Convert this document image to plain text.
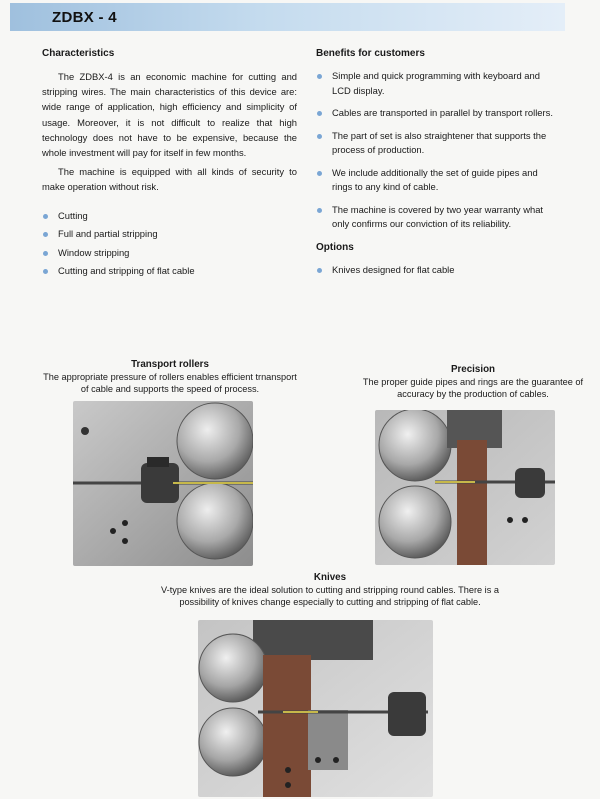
ZDBX - 4
Characteristics

The ZDBX-4 is an economic machine for cutting and stripping wires. The main characteristics of this device are: wide range of application, high efficiency and simplicity of usage. Moreover, it is not difficult to realize that high technology does not have to be expensive, because the whole investment will pay for itself in few months.

The machine is equipped with all kinds of security to make operation without risk.

Cutting
Full and partial stripping
Window stripping
Cutting and stripping of flat cable
Benefits for customers
Simple and quick programming with keyboard and LCD display.
Cables are transported in parallel by transport rollers.
The part of set is also straightener that supports the process of production.
We include additionally the set of guide pipes and rings to any kind of cable.
The machine is covered by two year warranty what only confirms our conviction of its reliability.
Options
Knives designed for flat cable
Transport rollers
The appropriate pressure of rollers enables efficient trnansport of cable and supports the speed of process.
Precision
The proper guide pipes and rings are the guarantee of accuracy by the production of cables.
Knives
V-type knives are the ideal solution to cutting and stripping round cables. There is a possibility of knives change especially to cutting and stripping of flat cable.
